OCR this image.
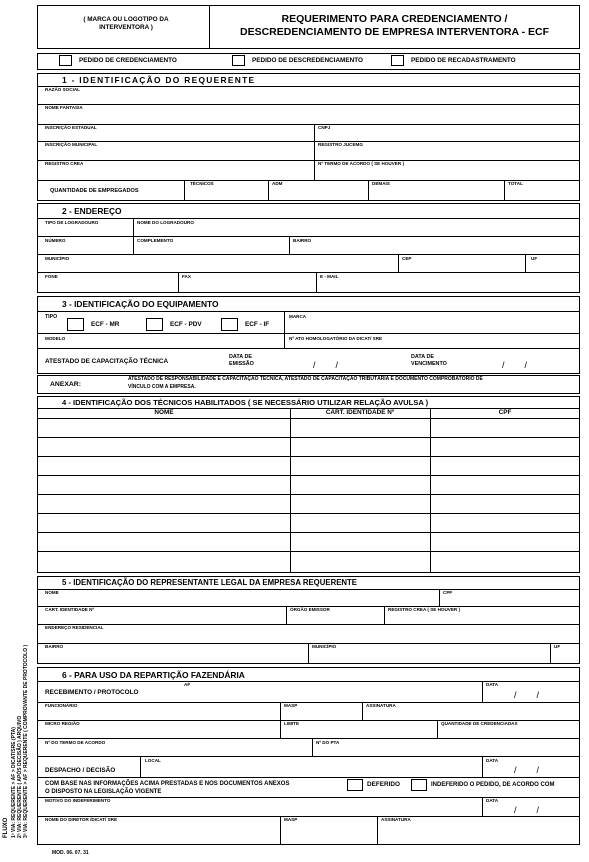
( MARCA OU LOGOTIPO DA
INTERVENTORA )
REQUERIMENTO PARA CREDENCIAMENTO /
DESCREDENCIAMENTO DE EMPRESA INTERVENTORA - ECF
PEDIDO DE CREDENCIAMENTO	PEDIDO DE DESCREDENCIAMENTO	PEDIDO DE RECADASTRAMENTO
1 - IDENTIFICAÇÃO DO REQUERENTE
RAZÃO SOCIAL
NOME FANTASIA
INSCRIÇÃO ESTADUAL	CNPJ
INSCRIÇÃO MUNICIPAL	REGISTRO JUCEMG
REGISTRO CREA	Nº TERMO DE ACORDO ( SE HOUVER )
QUANTIDADE DE EMPREGADOS
TÉCNICOS	ADM	DEMAIS	TOTAL
2 - ENDEREÇO
TIPO DE LOGRADOURO	NOME DO LOGRADOURO
NÚMERO	COMPLEMENTO	BAIRRO
MUNICÍPIO	CEP	UF
FONE	FAX	E - MAIL
3 - IDENTIFICAÇÃO DO EQUIPAMENTO
TIPO
ECF - MR	ECF - PDV	ECF - IF
MARCA
MODELO	Nº ATO HOMOLOGATÓRIO DA DICAT/ SRE
ATESTADO DE CAPACITAÇÃO TÉCNICA
DATA DE
EMISSÃO	/        /
DATA DE
VENCIMENTO	/        /
ANEXAR:
ATESTADO DE RESPONSABILIDADE E CAPACITAÇÃO TÉCNICA, ATESTADO DE CAPACITAÇÃO TRIBUTÁRIA E DOCUMENTO COMPROBATÓRIO DE
VÍNCULO COM A EMPRESA.
4 - IDENTIFICAÇÃO DOS TÉCNICOS HABILITADOS ( SE NECESSÁRIO UTILIZAR RELAÇÃO AVULSA )
NOME	CART. IDENTIDADE Nº	CPF
5 - IDENTIFICAÇÃO DO REPRESENTANTE LEGAL DA EMPRESA REQUERENTE
NOME	CPF
CART. IDENTIDADE Nº	ÓRGÃO EMISSOR	REGISTRO CREA ( SE HOUVER )
ENDEREÇO RESIDENCIAL
BAIRRO	MUNICÍPIO	UF
6 - PARA USO DA REPARTIÇÃO FAZENDÁRIA
RECEBIMENTO / PROTOCOLO
AF	DATA
/        /
FUNCIONÁRIO	MASP	ASSINATURA
MICRO REGIÃO	LIMITE	QUANTIDADE DE CREDENCIADAS
Nº DO TERMO DE ACORDO	Nº DO PTA
DESPACHO / DECISÃO
LOCAL	DATA
/        /
COM BASE NAS INFORMAÇÕES ACIMA PRESTADAS E NOS DOCUMENTOS ANEXOS
O DISPOSTO NA LEGISLAÇÃO VIGENTE
DEFERIDO	INDEFERIDO O PEDIDO, DE ACORDO COM
MOTIVO DO INDEFERIMENTO	DATA
/        /
NOME DO DIRETOR /DICAT/ SRE	MASP	ASSINATURA
MOD. 06. 07. 31
FLUXO 1ª VIA: REQUERENTE > AF > DICAT/SRE (PTA) 2ª VIA: REQUERENTE ( APÓS DECISÃO ) ARQUIVO 3ª VIA: REQUERENTE > AF > REQUERENTE ( COMPROVANTE DE PROTOCOLO )
